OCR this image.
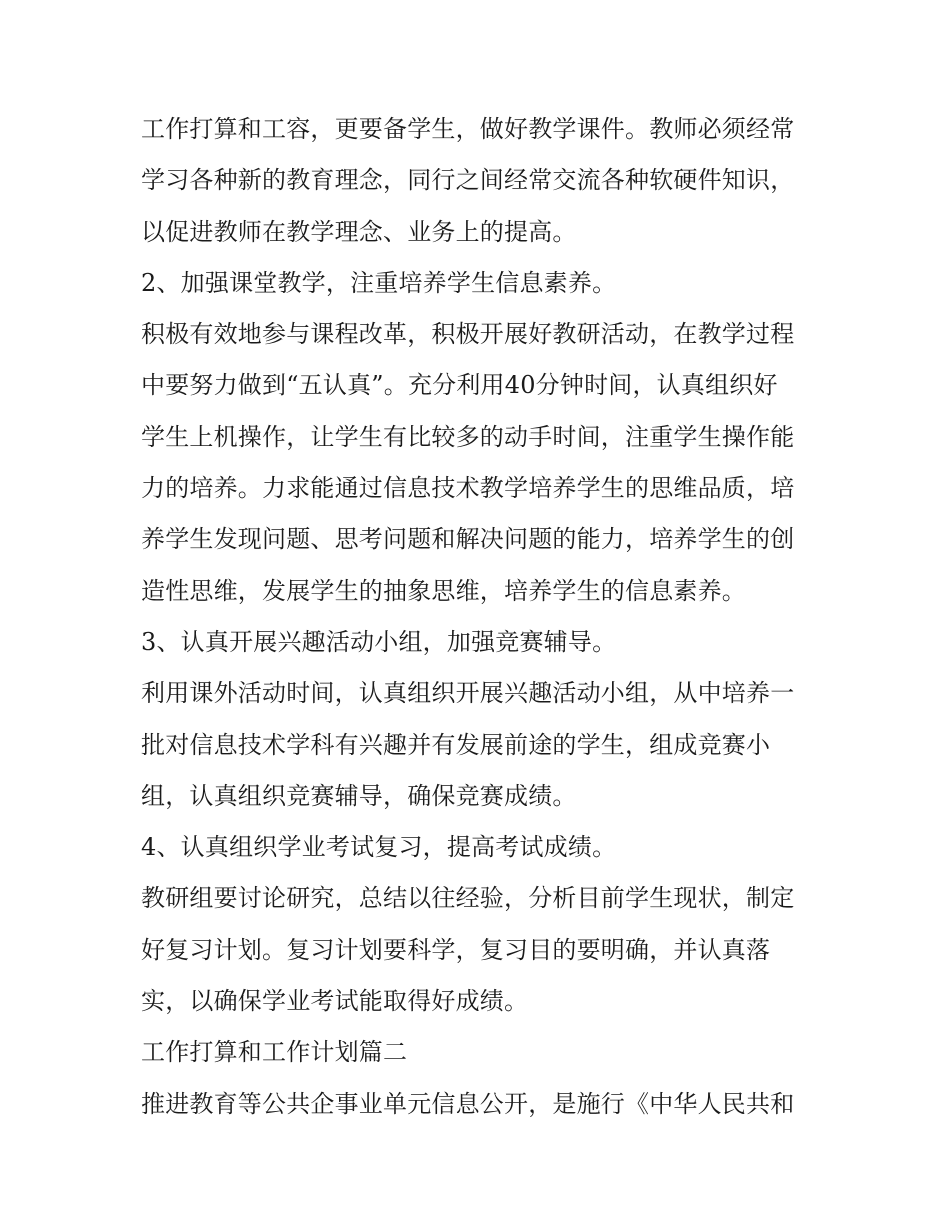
工作打算和工容，更要备学生，做好教学课件。教师必须经常
学习各种新的教育理念，同行之间经常交流各种软硬件知识，
以促进教师在教学理念、业务上的提高。
2、加强课堂教学，注重培养学生信息素养。
积极有效地参与课程改革，积极开展好教研活动，在教学过程
中要努力做到“五认真”。充分利用40分钟时间，认真组织好
学生上机操作，让学生有比较多的动手时间，注重学生操作能
力的培养。力求能通过信息技术教学培养学生的思维品质，培
养学生发现问题、思考问题和解决问题的能力，培养学生的创
造性思维，发展学生的抽象思维，培养学生的信息素养。
3、认真开展兴趣活动小组，加强竞赛辅导。
利用课外活动时间，认真组织开展兴趣活动小组，从中培养一
批对信息技术学科有兴趣并有发展前途的学生，组成竞赛小
组，认真组织竞赛辅导，确保竞赛成绩。
4、认真组织学业考试复习，提高考试成绩。
教研组要讨论研究，总结以往经验，分析目前学生现状，制定
好复习计划。复习计划要科学，复习目的要明确，并认真落
实，以确保学业考试能取得好成绩。
工作打算和工作计划篇二
推进教育等公共企事业单元信息公开，是施行《中华人民共和
